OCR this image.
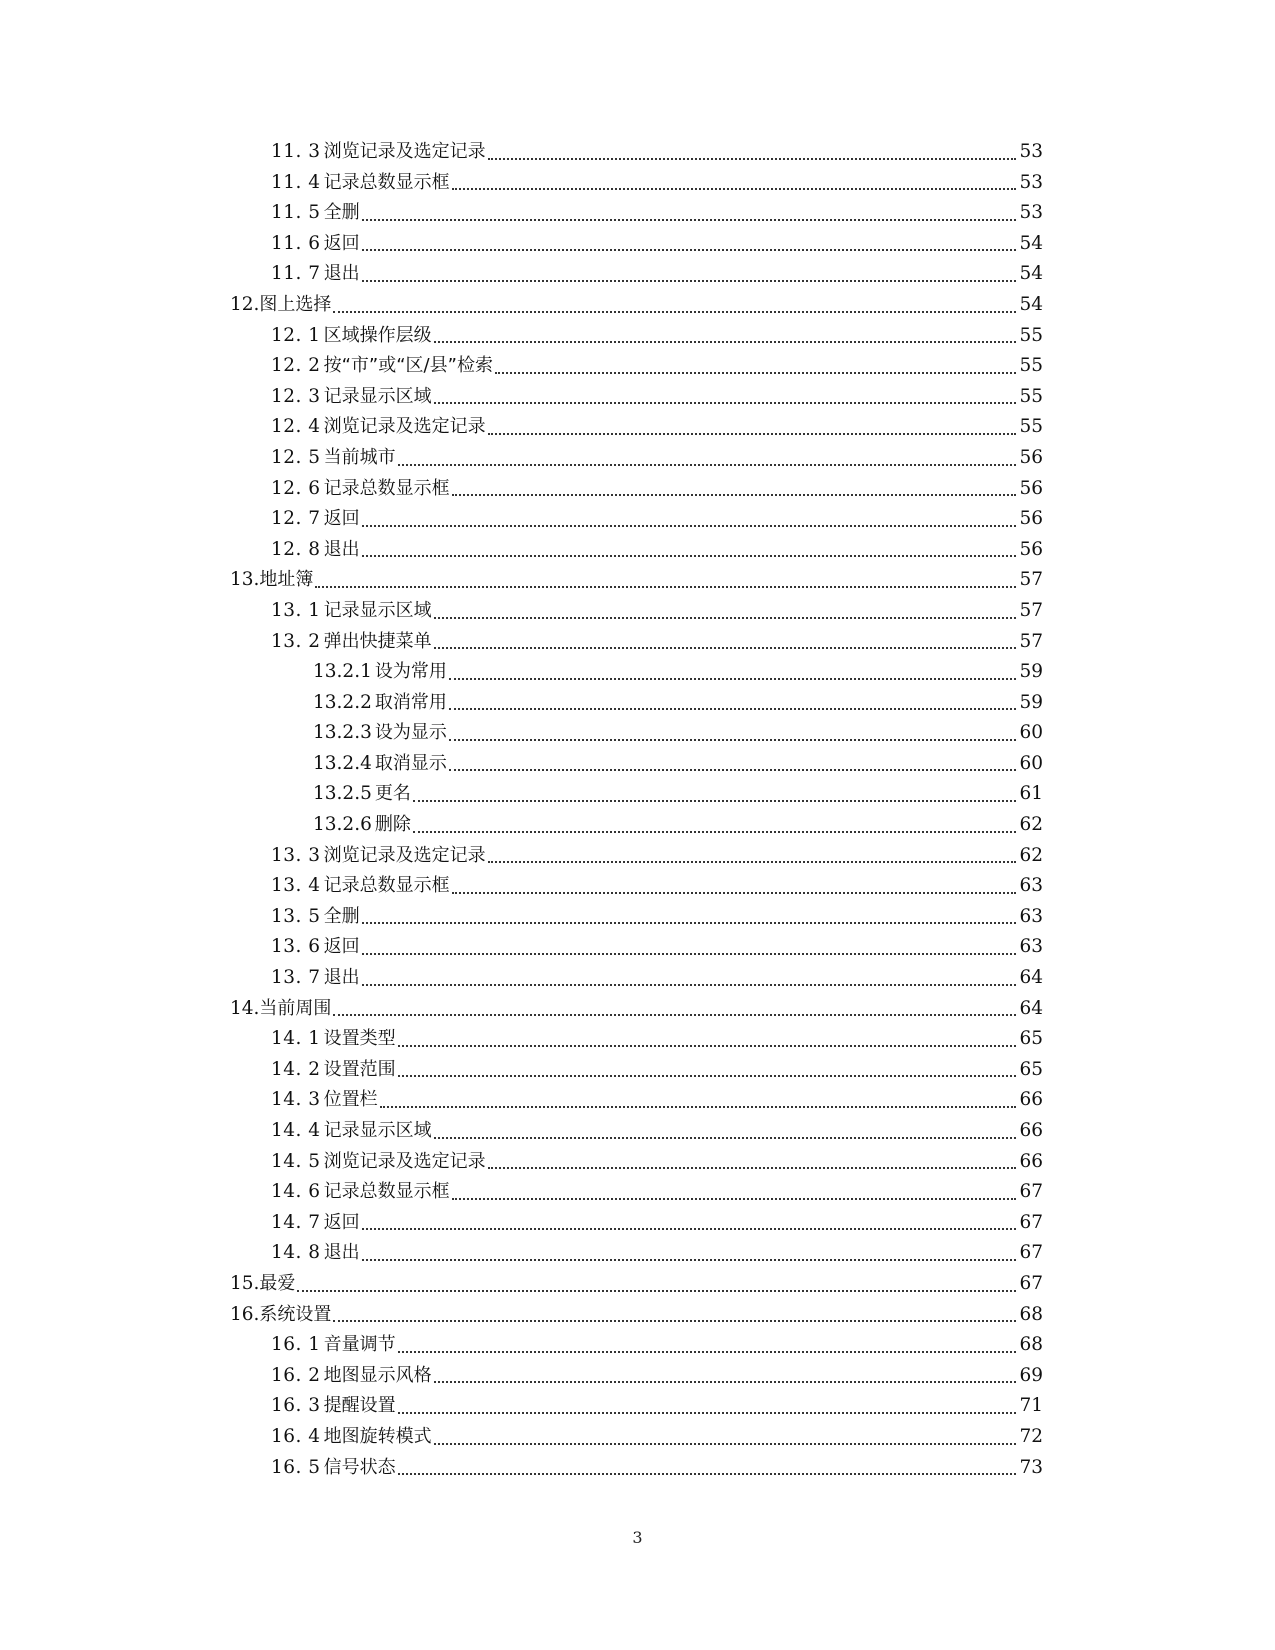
11. 3 浏览记录及选定记录	53
11. 4 记录总数显示框	53
11. 5 全删	53
11. 6 返回	54
11. 7 退出	54
12. 图上选择	54
12. 1 区域操作层级	55
12. 2 按“市”或“区/县”检索	55
12. 3 记录显示区域	55
12. 4 浏览记录及选定记录	55
12. 5 当前城市	56
12. 6 记录总数显示框	56
12. 7 返回	56
12. 8 退出	56
13. 地址簿	57
13. 1 记录显示区域	57
13. 2 弹出快捷菜单	57
13.2.1 设为常用	59
13.2.2 取消常用	59
13.2.3 设为显示	60
13.2.4 取消显示	60
13.2.5 更名	61
13.2.6 删除	62
13. 3 浏览记录及选定记录	62
13. 4 记录总数显示框	63
13. 5 全删	63
13. 6 返回	63
13. 7 退出	64
14. 当前周围	64
14. 1 设置类型	65
14. 2 设置范围	65
14. 3 位置栏	66
14. 4 记录显示区域	66
14. 5 浏览记录及选定记录	66
14. 6 记录总数显示框	67
14. 7 返回	67
14. 8 退出	67
15. 最爱	67
16. 系统设置	68
16. 1 音量调节	68
16. 2 地图显示风格	69
16. 3 提醒设置	71
16. 4 地图旋转模式	72
16. 5 信号状态	73
3
